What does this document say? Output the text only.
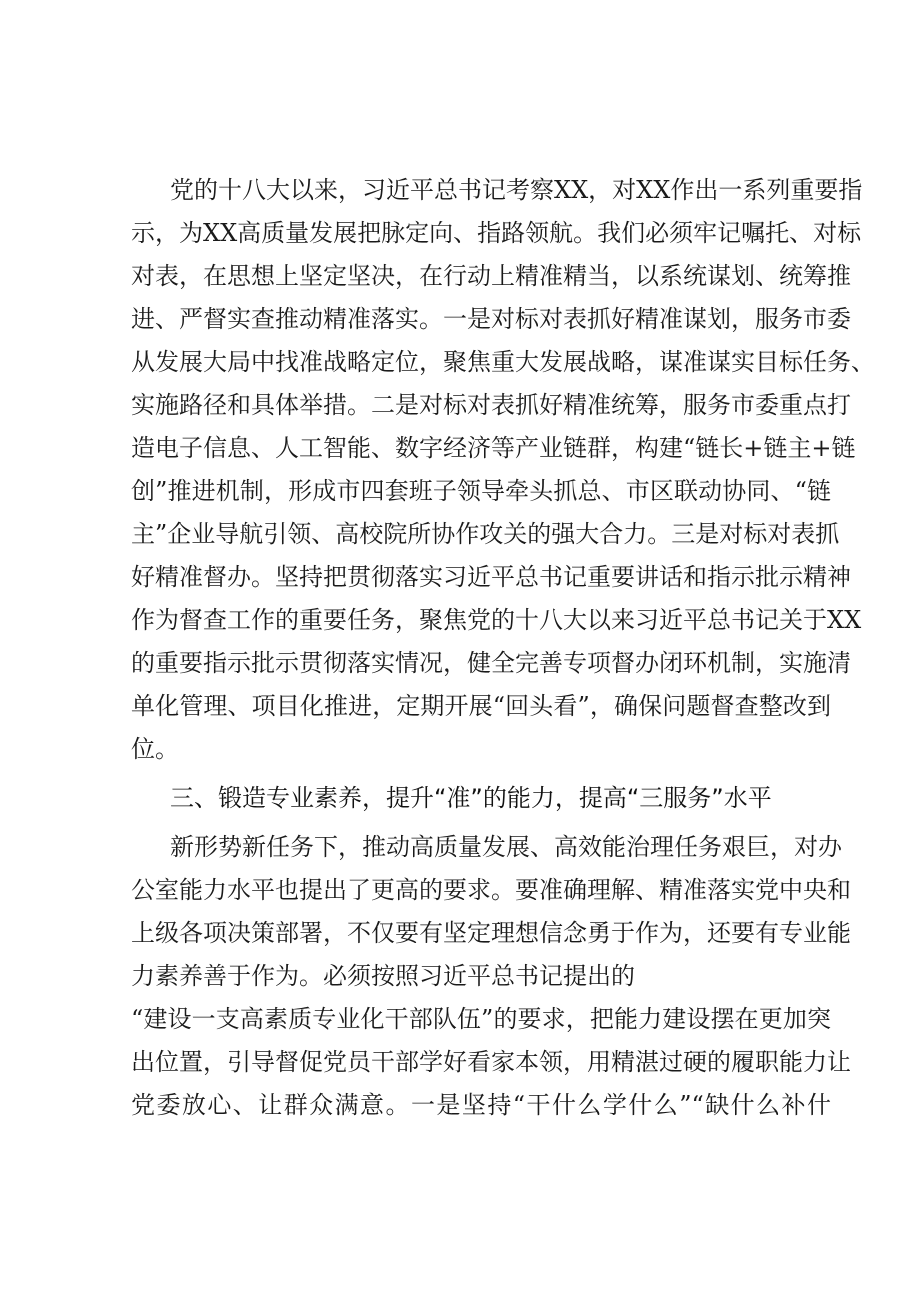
党的十八大以来，习近平总书记考察XX，对XX作出一系列重要指
示，为XX高质量发展把脉定向、指路领航。我们必须牢记嘱托、对标
对表，在思想上坚定坚决，在行动上精准精当，以系统谋划、统筹推
进、严督实查推动精准落实。一是对标对表抓好精准谋划，服务市委
从发展大局中找准战略定位，聚焦重大发展战略，谋准谋实目标任务、
实施路径和具体举措。二是对标对表抓好精准统筹，服务市委重点打
造电子信息、人工智能、数字经济等产业链群，构建“链长+链主+链
创”推进机制，形成市四套班子领导牵头抓总、市区联动协同、“链
主”企业导航引领、高校院所协作攻关的强大合力。三是对标对表抓
好精准督办。坚持把贯彻落实习近平总书记重要讲话和指示批示精神
作为督查工作的重要任务，聚焦党的十八大以来习近平总书记关于XX
的重要指示批示贯彻落实情况，健全完善专项督办闭环机制，实施清
单化管理、项目化推进，定期开展“回头看”，确保问题督查整改到
位。
三、锻造专业素养，提升“准”的能力，提高“三服务”水平
新形势新任务下，推动高质量发展、高效能治理任务艰巨，对办
公室能力水平也提出了更高的要求。要准确理解、精准落实党中央和
上级各项决策部署，不仅要有坚定理想信念勇于作为，还要有专业能
力素养善于作为。必须按照习近平总书记提出的
“建设一支高素质专业化干部队伍”的要求，把能力建设摆在更加突
出位置，引导督促党员干部学好看家本领，用精湛过硬的履职能力让
党委放心、让群众满意。一是坚持“干什么学什么”“缺什么补什
